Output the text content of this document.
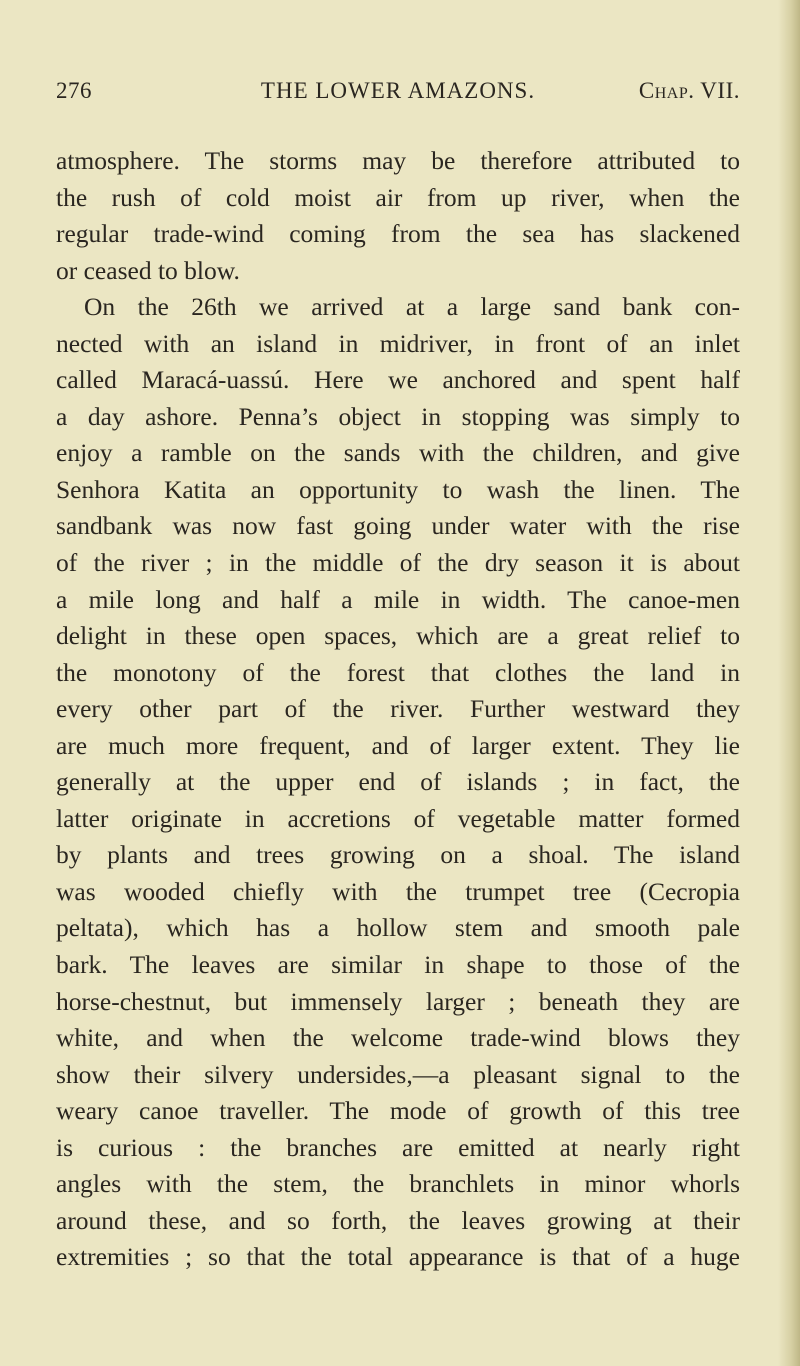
276	THE LOWER AMAZONS.	Chap. VII.
atmosphere. The storms may be therefore attributed to
the rush of cold moist air from up river, when the
regular trade-wind coming from the sea has slackened
or ceased to blow.
On the 26th we arrived at a large sand bank con-
nected with an island in midriver, in front of an inlet
called Maracá-uassú. Here we anchored and spent half
a day ashore. Penna’s object in stopping was simply to
enjoy a ramble on the sands with the children, and give
Senhora Katita an opportunity to wash the linen. The
sandbank was now fast going under water with the rise
of the river ; in the middle of the dry season it is about
a mile long and half a mile in width. The canoe-men
delight in these open spaces, which are a great relief to
the monotony of the forest that clothes the land in
every other part of the river. Further westward they
are much more frequent, and of larger extent. They lie
generally at the upper end of islands ; in fact, the
latter originate in accretions of vegetable matter formed
by plants and trees growing on a shoal. The island
was wooded chiefly with the trumpet tree (Cecropia
peltata), which has a hollow stem and smooth pale
bark. The leaves are similar in shape to those of the
horse-chestnut, but immensely larger ; beneath they are
white, and when the welcome trade-wind blows they
show their silvery undersides,—a pleasant signal to the
weary canoe traveller. The mode of growth of this tree
is curious : the branches are emitted at nearly right
angles with the stem, the branchlets in minor whorls
around these, and so forth, the leaves growing at their
extremities ; so that the total appearance is that of a huge
